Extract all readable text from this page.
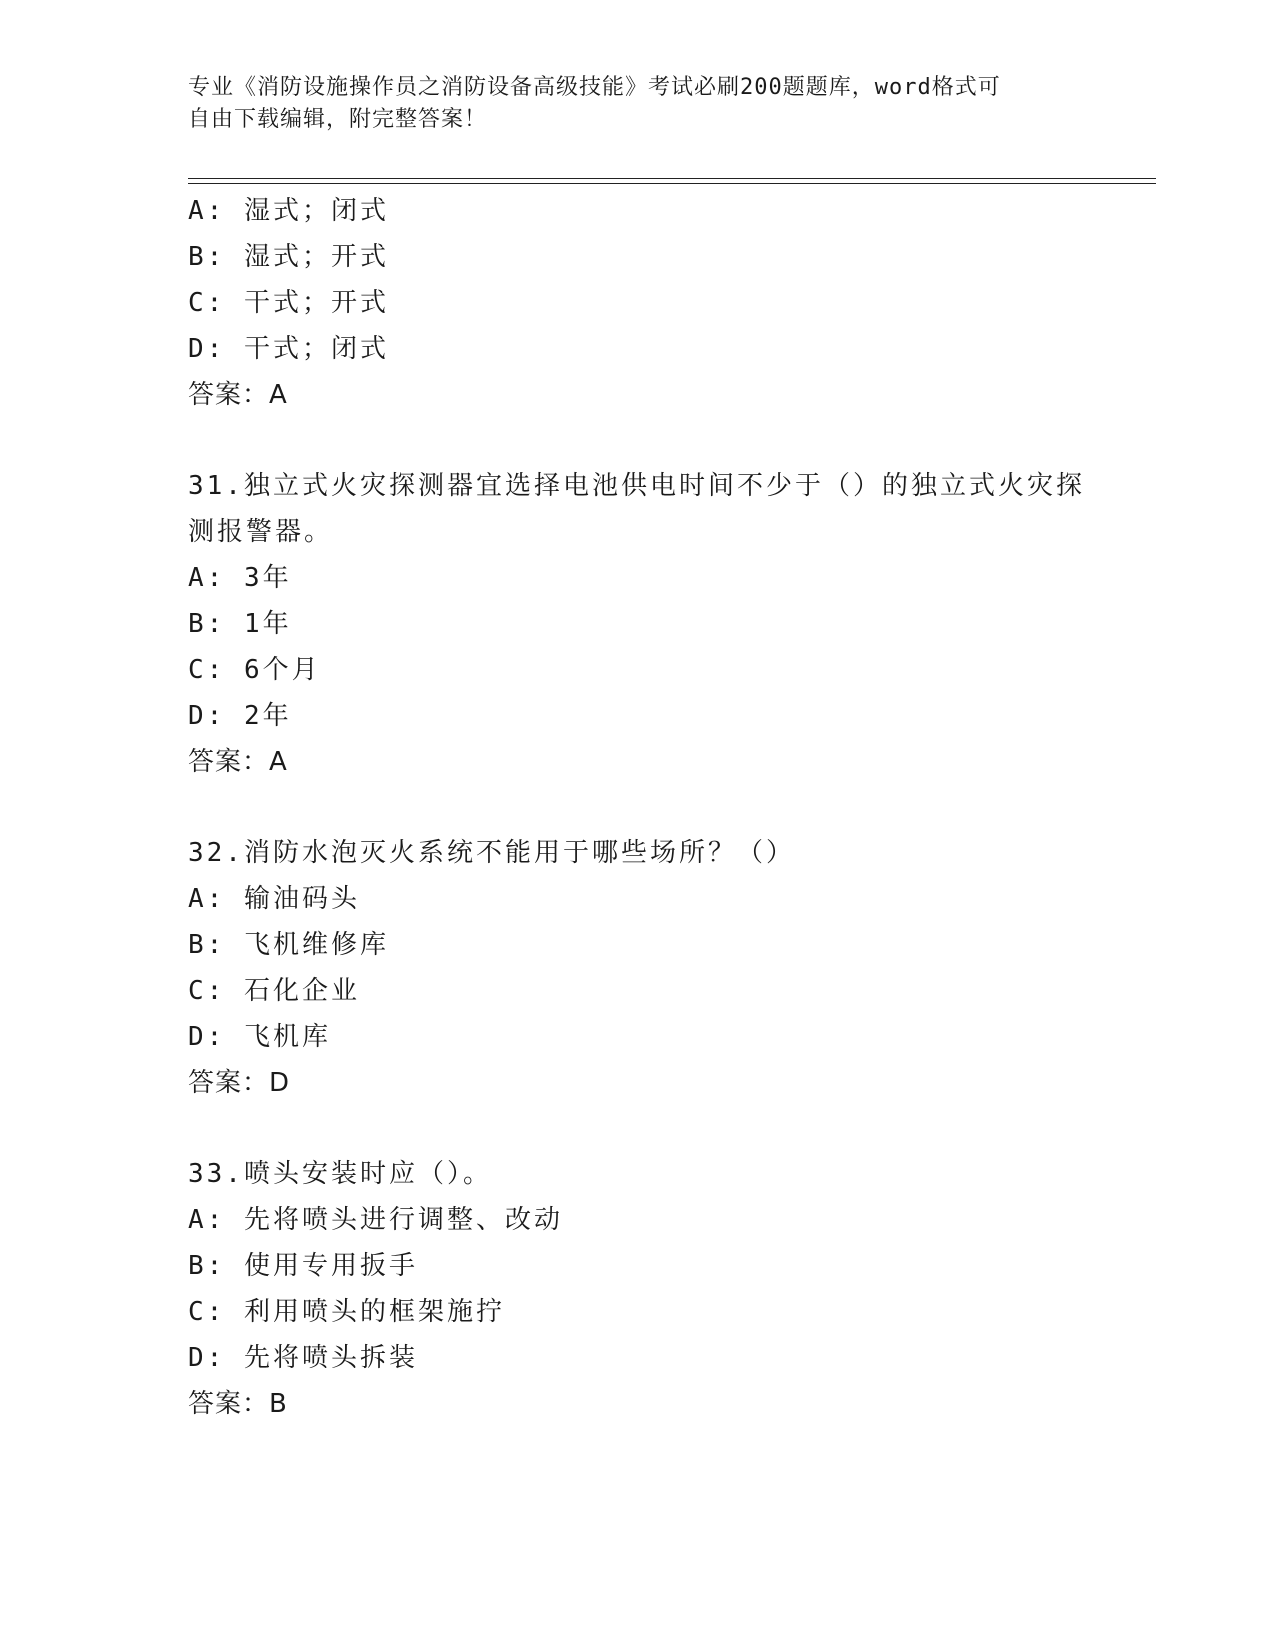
专业《消防设施操作员之消防设备高级技能》考试必刷200题题库，word格式可
自由下载编辑，附完整答案！
A: 湿式；闭式
B: 湿式；开式
C: 干式；开式
D: 干式；闭式
答案：A
31.独立式火灾探测器宜选择电池供电时间不少于（）的独立式火灾探
测报警器。
A: 3年
B: 1年
C: 6个月
D: 2年
答案：A
32.消防水泡灭火系统不能用于哪些场所？（）
A: 输油码头
B: 飞机维修库
C: 石化企业
D: 飞机库
答案：D
33.喷头安装时应（）。
A: 先将喷头进行调整、改动
B: 使用专用扳手
C: 利用喷头的框架施拧
D: 先将喷头拆装
答案：B
